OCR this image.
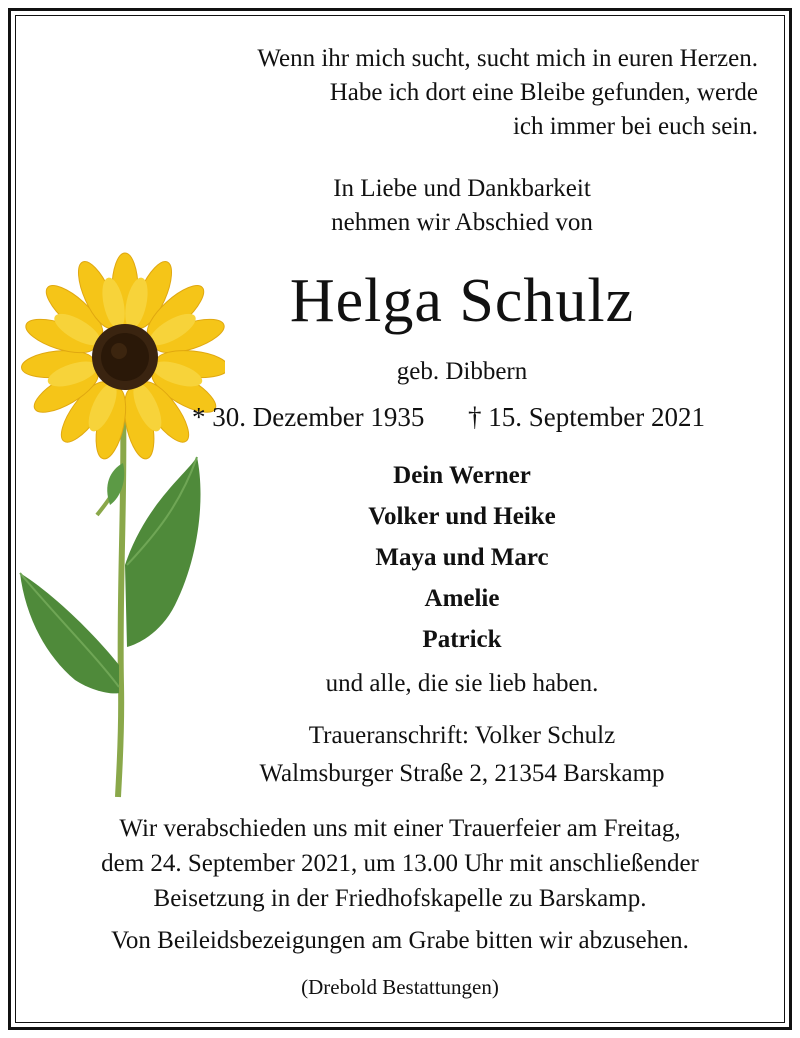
Wenn ihr mich sucht, sucht mich in euren Herzen.
Habe ich dort eine Bleibe gefunden, werde
ich immer bei euch sein.
In Liebe und Dankbarkeit
nehmen wir Abschied von
Helga Schulz
geb. Dibbern
* 30. Dezember 1935 † 15. September 2021
Dein Werner
Volker und Heike
Maya und Marc
Amelie
Patrick
und alle, die sie lieb haben.
Traueranschrift: Volker Schulz
Walmsburger Straße 2, 21354 Barskamp
Wir verabschieden uns mit einer Trauerfeier am Freitag,
dem 24. September 2021, um 13.00 Uhr mit anschließender
Beisetzung in der Friedhofskapelle zu Barskamp.
Von Beileidsbezeigungen am Grabe bitten wir abzusehen.
(Drebold Bestattungen)
